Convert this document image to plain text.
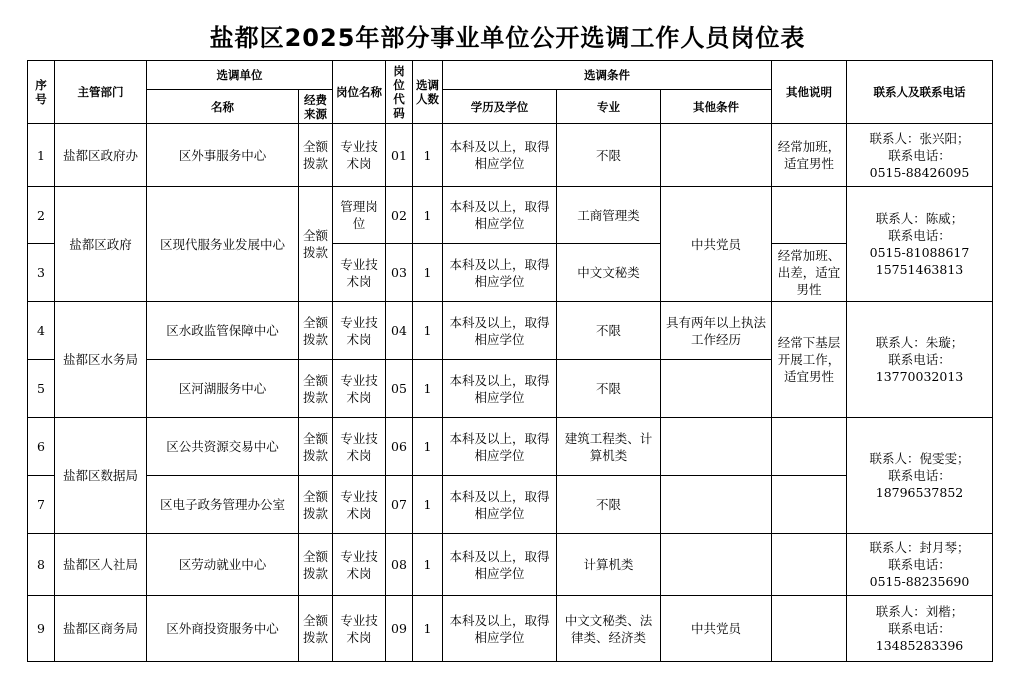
盐都区2025年部分事业单位公开选调工作人员岗位表
序号	主管部门	选调单位		岗位名称	岗位代码	选调人数	选调条件			其他说明	联系人及联系电话
		名称	经费来源				学历及学位	专业	其他条件		
1	盐都区政府办	区外事服务中心	全额拨款	专业技术岗	01	1	本科及以上，取得相应学位	不限		经常加班，适宜男性	联系人：张兴阳；
联系电话：
0515-88426095

2	盐都区政府	区现代服务业发展中心	全额拨款	管理岗位	02	1	本科及以上，取得相应学位	工商管理类	中共党员		联系人：陈威；
联系电话：
0515-81088617
15751463813

3				专业技术岗	03	1	本科及以上，取得相应学位	中文文秘类		经常加班、出差，适宜男性	
4	盐都区水务局	区水政监管保障中心	全额拨款	专业技术岗	04	1	本科及以上，取得相应学位	不限	具有两年以上执法工作经历	经常下基层开展工作，适宜男性	联系人：朱璇；
联系电话：
13770032013

5		区河湖服务中心	全额拨款	专业技术岗	05	1	本科及以上，取得相应学位	不限			
6	盐都区数据局	区公共资源交易中心	全额拨款	专业技术岗	06	1	本科及以上，取得相应学位	建筑工程类、计算机类			联系人：倪雯雯；
联系电话：
18796537852

7		区电子政务管理办公室	全额拨款	专业技术岗	07	1	本科及以上，取得相应学位	不限			
8	盐都区人社局	区劳动就业中心	全额拨款	专业技术岗	08	1	本科及以上，取得相应学位	计算机类			联系人：封月琴；
联系电话：
0515-88235690

9	盐都区商务局	区外商投资服务中心	全额拨款	专业技术岗	09	1	本科及以上，取得相应学位	中文文秘类、法律类、经济类	中共党员		联系人：刘楷；
联系电话：
13485283396
